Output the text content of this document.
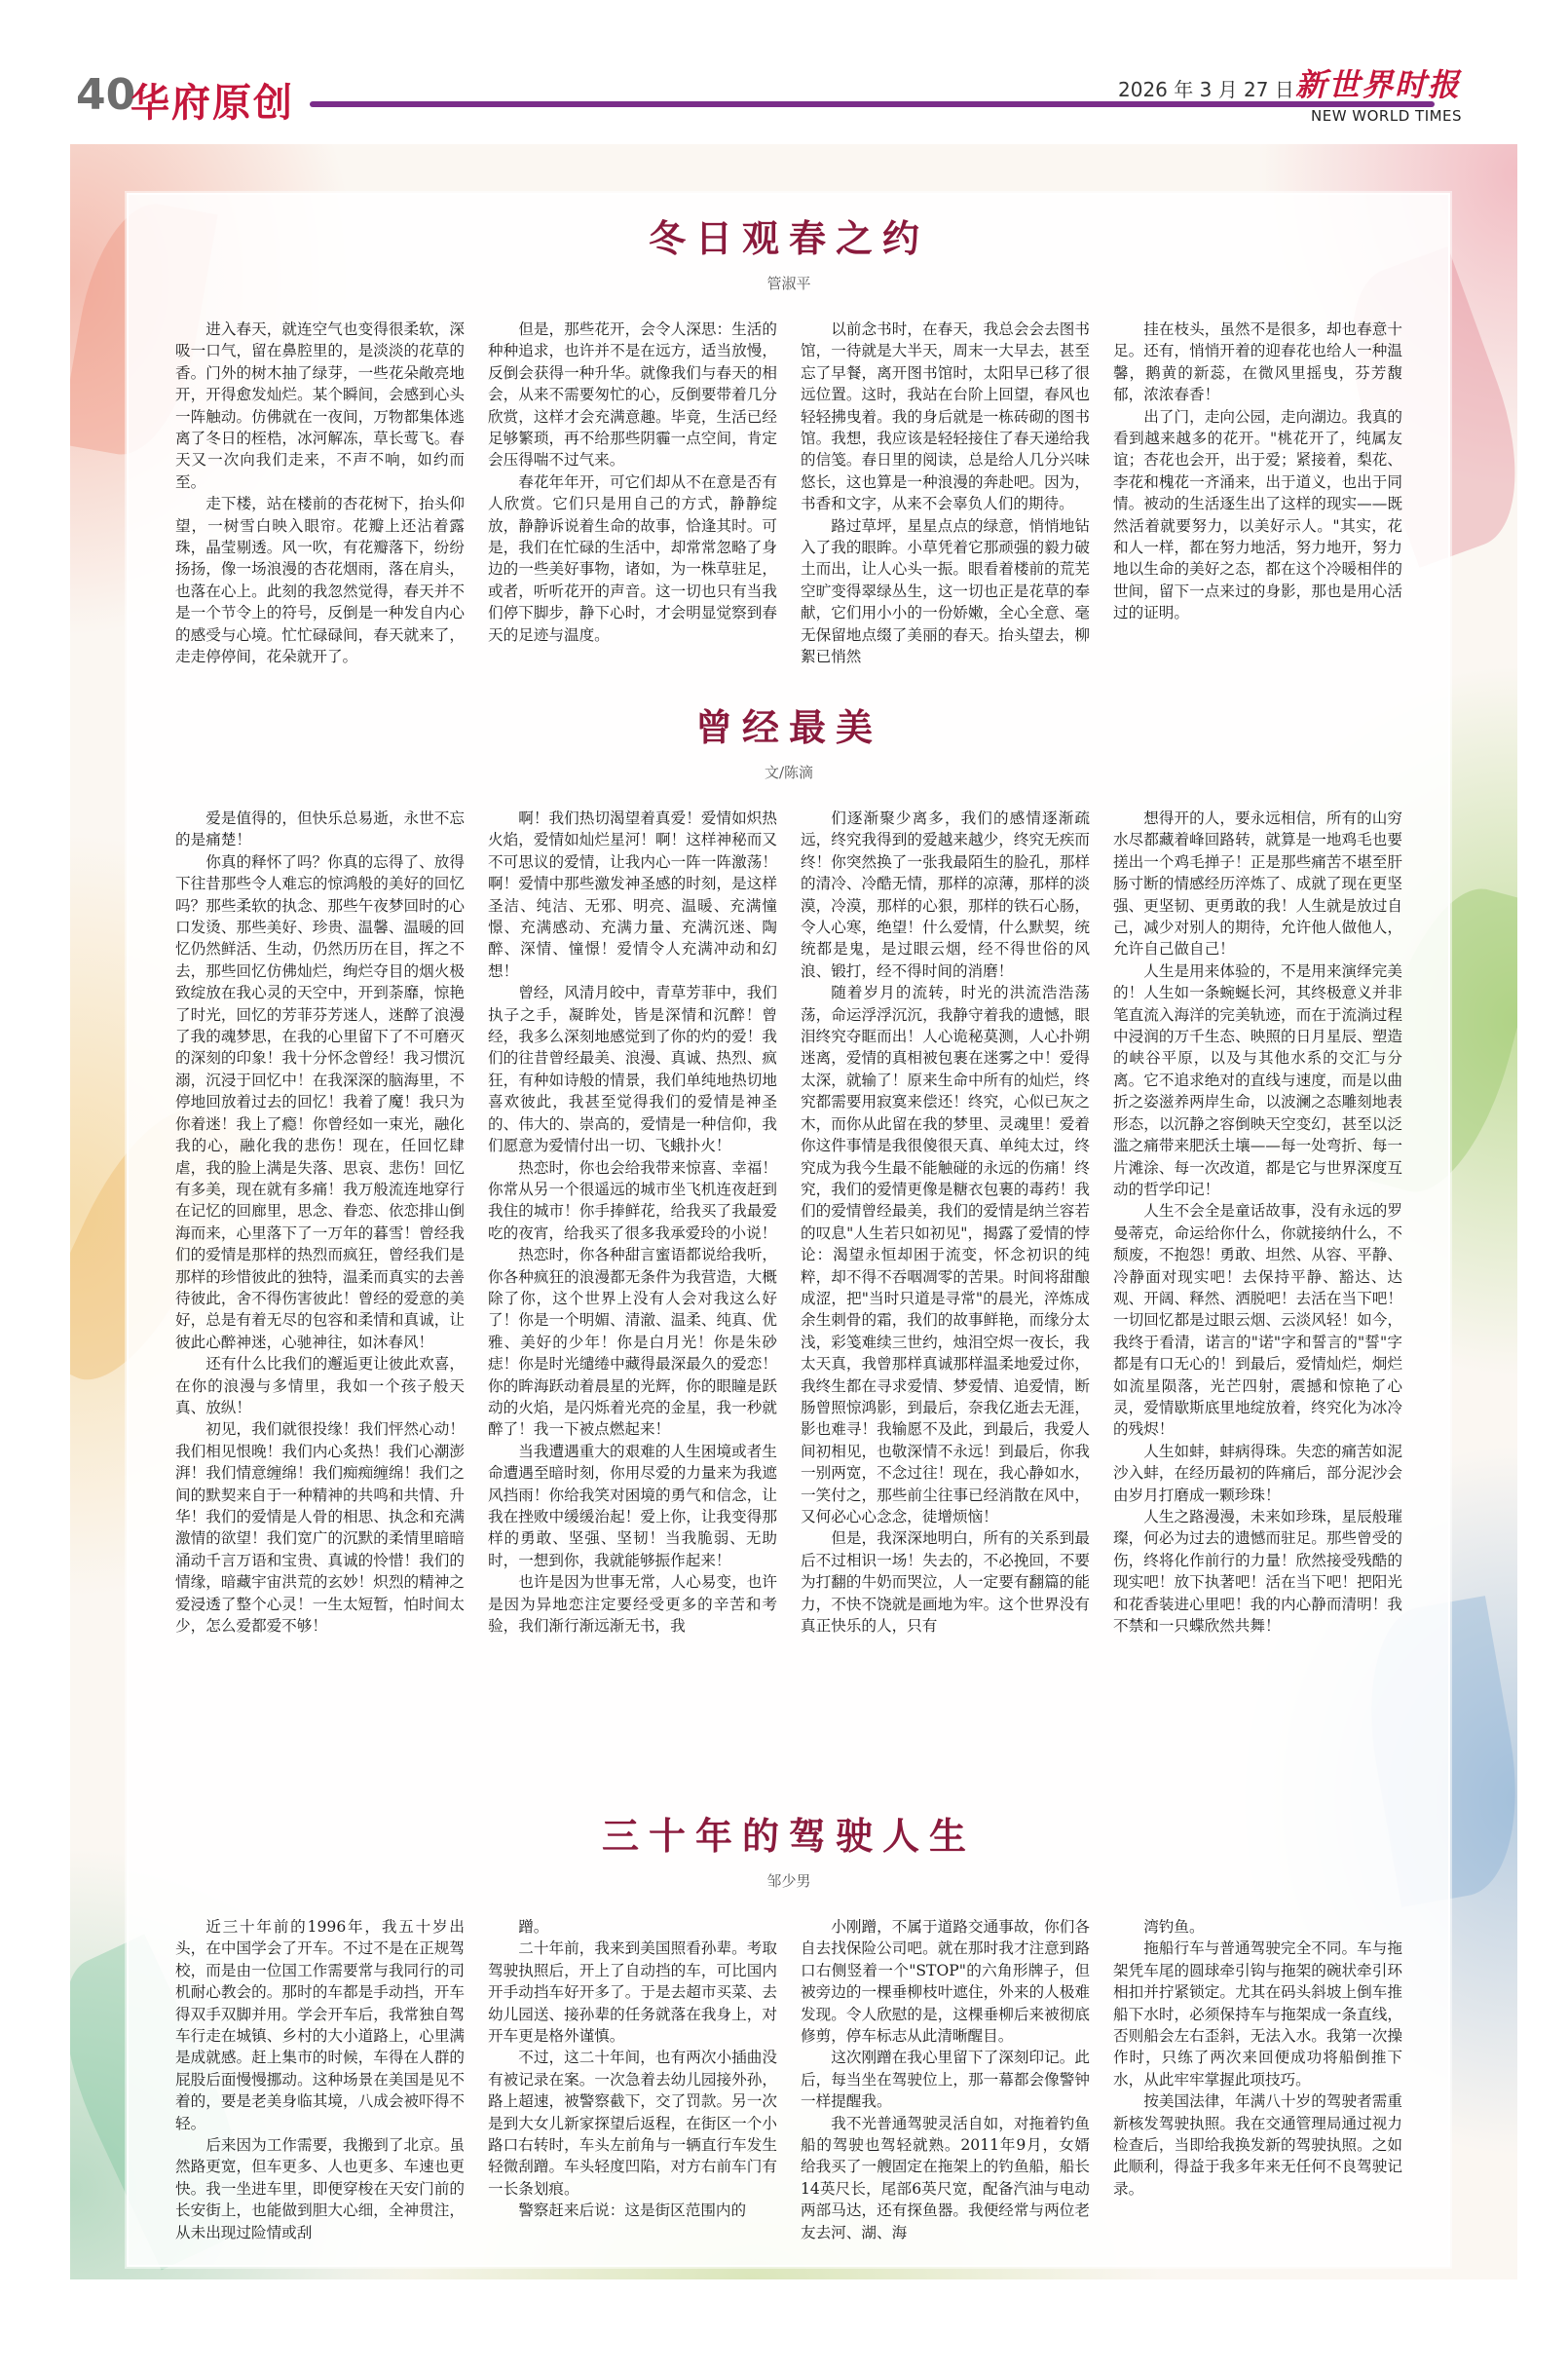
40
华府原创	2026 年 3 月 27 日 新世界时报
NEW WORLD TIMES
冬日观春之约
管淑平

进入春天，就连空气也变得很柔软，深吸一口气，留在鼻腔里的，是淡淡的花草的香。门外的树木抽了绿芽，一些花朵敞亮地开，开得愈发灿烂。某个瞬间，会感到心头一阵触动。仿佛就在一夜间，万物都集体逃离了冬日的桎梏，冰河解冻，草长莺飞。春天又一次向我们走来，不声不响，如约而至。

走下楼，站在楼前的杏花树下，抬头仰望，一树雪白映入眼帘。花瓣上还沾着露珠，晶莹剔透。风一吹，有花瓣落下，纷纷扬扬，像一场浪漫的杏花烟雨，落在肩头，也落在心上。此刻的我忽然觉得，春天并不是一个节令上的符号，反倒是一种发自内心的感受与心境。忙忙碌碌间，春天就来了，走走停停间，花朵就开了。

但是，那些花开，会令人深思：生活的种种追求，也许并不是在远方，适当放慢，反倒会获得一种升华。就像我们与春天的相会，从来不需要匆忙的心，反倒要带着几分欣赏，这样才会充满意趣。毕竟，生活已经足够繁琐，再不给那些阴霾一点空间，肯定会压得喘不过气来。

春花年年开，可它们却从不在意是否有人欣赏。它们只是用自己的方式，静静绽放，静静诉说着生命的故事，恰逢其时。可是，我们在忙碌的生活中，却常常忽略了身边的一些美好事物，诸如，为一株草驻足，或者，听听花开的声音。这一切也只有当我们停下脚步，静下心时，才会明显觉察到春天的足迹与温度。

以前念书时，在春天，我总会会去图书馆，一待就是大半天，周末一大早去，甚至忘了早餐，离开图书馆时，太阳早已移了很远位置。这时，我站在台阶上回望，春风也轻轻拂曳着。我的身后就是一栋砖砌的图书馆。我想，我应该是轻轻接住了春天递给我的信笺。春日里的阅读，总是给人几分兴味悠长，这也算是一种浪漫的奔赴吧。因为，书香和文字，从来不会辜负人们的期待。

路过草坪，星星点点的绿意，悄悄地钻入了我的眼眸。小草凭着它那顽强的毅力破土而出，让人心头一振。眼看着楼前的荒芜空旷变得翠绿丛生，这一切也正是花草的奉献，它们用小小的一份娇嫩，全心全意、毫无保留地点缀了美丽的春天。抬头望去，柳絮已悄然

挂在枝头，虽然不是很多，却也春意十足。还有，悄悄开着的迎春花也给人一种温馨，鹅黄的新蕊，在微风里摇曳，芬芳馥郁，浓浓春香！

出了门，走向公园，走向湖边。我真的看到越来越多的花开。"桃花开了，纯属友谊；杏花也会开，出于爱；紧接着，梨花、李花和槐花一齐涌来，出于道义，也出于同情。被动的生活逐生出了这样的现实——既然活着就要努力，以美好示人。"其实，花和人一样，都在努力地活，努力地开，努力地以生命的美好之态，都在这个冷暖相伴的世间，留下一点来过的身影，那也是用心活过的证明。

曾经最美
文/陈滴

爱是值得的，但快乐总易逝，永世不忘的是痛楚！

你真的释怀了吗？你真的忘得了、放得下往昔那些令人难忘的惊鸿般的美好的回忆吗？那些柔软的执念、那些午夜梦回时的心口发烫、那些美好、珍贵、温馨、温暖的回忆仍然鲜活、生动，仍然历历在目，挥之不去，那些回忆仿佛灿烂，绚烂夺目的烟火极致绽放在我心灵的天空中，开到荼靡，惊艳了时光，回忆的芳菲芬芳迷人，迷醉了浪漫了我的魂梦思，在我的心里留下了不可磨灭的深刻的印象！我十分怀念曾经！我习惯沉溺，沉浸于回忆中！在我深深的脑海里，不停地回放着过去的回忆！我着了魔！我只为你着迷！我上了瘾！你曾经如一束光，融化我的心，融化我的悲伤！现在，任回忆肆虐，我的脸上满是失落、思哀、悲伤！回忆有多美，现在就有多痛！我万般流连地穿行在记忆的回廊里，思念、眷恋、依恋排山倒海而来，心里落下了一万年的暮雪！曾经我们的爱情是那样的热烈而疯狂，曾经我们是那样的珍惜彼此的独特，温柔而真实的去善待彼此，舍不得伤害彼此！曾经的爱意的美好，总是有着无尽的包容和柔情和真诚，让彼此心醉神迷，心驰神往，如沐春风！

还有什么比我们的邂逅更让彼此欢喜，在你的浪漫与多情里，我如一个孩子般天真、放纵！

初见，我们就很投缘！我们怦然心动！我们相见恨晚！我们内心炙热！我们心潮澎湃！我们情意缠绵！我们痴痴缠绵！我们之间的默契来自于一种精神的共鸣和共情、升华！我们的爱情是人骨的相思、执念和充满激情的欲望！我们宽广的沉默的柔情里暗暗涌动千言万语和宝贵、真诚的怜惜！我们的情缘，暗藏宇宙洪荒的玄妙！炽烈的精神之爱浸透了整个心灵！一生太短暂，怕时间太少，怎么爱都爱不够！

啊！我们热切渴望着真爱！爱情如炽热火焰，爱情如灿烂星河！啊！这样神秘而又不可思议的爱情，让我内心一阵一阵激荡！啊！爱情中那些激发神圣感的时刻，是这样圣洁、纯洁、无邪、明亮、温暖、充满憧憬、充满感动、充满力量、充满沉迷、陶醉、深情、憧憬！爱情令人充满冲动和幻想！

曾经，风清月皎中，青草芳菲中，我们执子之手，凝眸处，皆是深情和沉醉！曾经，我多么深刻地感觉到了你的灼的爱！我们的往昔曾经最美、浪漫、真诚、热烈、疯狂，有种如诗般的情景，我们单纯地热切地喜欢彼此，我甚至觉得我们的爱情是神圣的、伟大的、崇高的，爱情是一种信仰，我们愿意为爱情付出一切、飞蛾扑火！

热恋时，你也会给我带来惊喜、幸福！你常从另一个很遥远的城市坐飞机连夜赶到我住的城市！你手捧鲜花，给我买了我最爱吃的夜宵，给我买了很多我承爱玲的小说！

热恋时，你各种甜言蜜语都说给我听，你各种疯狂的浪漫都无条件为我营造，大概除了你，这个世界上没有人会对我这么好了！你是一个明媚、清澈、温柔、纯真、优雅、美好的少年！你是白月光！你是朱砂痣！你是时光缱绻中藏得最深最久的爱恋！你的眸海跃动着晨星的光辉，你的眼瞳是跃动的火焰，是闪烁着光亮的金星，我一秒就醉了！我一下被点燃起来！

当我遭遇重大的艰难的人生困境或者生命遭遇至暗时刻，你用尽爱的力量来为我遮风挡雨！你给我笑对困境的勇气和信念，让我在挫败中缓缓治起！爱上你，让我变得那样的勇敢、坚强、坚韧！当我脆弱、无助时，一想到你，我就能够振作起来！

也许是因为世事无常，人心易变，也许是因为异地恋注定要经受更多的辛苦和考验，我们渐行渐远渐无书，我

们逐渐聚少离多，我们的感情逐渐疏远，终究我得到的爱越来越少，终究无疾而终！你突然换了一张我最陌生的脸孔，那样的清冷、冷酷无情，那样的凉薄，那样的淡漠，冷漠，那样的心狠，那样的铁石心肠，令人心寒，绝望！什么爱情，什么默契，统统都是鬼，是过眼云烟，经不得世俗的风浪、锻打，经不得时间的消磨！

随着岁月的流转，时光的洪流浩浩荡荡，命运浮浮沉沉，我静守着我的遗憾，眼泪终究夺眶而出！人心诡秘莫测，人心扑朔迷离，爱情的真相被包裹在迷雾之中！爱得太深，就输了！原来生命中所有的灿烂，终究都需要用寂寞来偿还！终究，心似已灰之木，而你从此留在我的梦里、灵魂里！爱着你这件事情是我很傻很天真、单纯太过，终究成为我今生最不能触碰的永远的伤痛！终究，我们的爱情更像是糖衣包裹的毒药！我们的爱情曾经最美，我们的爱情是纳兰容若的叹息"人生若只如初见"，揭露了爱情的悖论：渴望永恒却困于流变，怀念初识的纯粹，却不得不吞咽凋零的苦果。时间将甜酿成涩，把"当时只道是寻常"的晨光，淬炼成余生刺骨的霜，我们的故事鲜艳，而缘分太浅，彩笺难续三世约，烛泪空烬一夜长，我太天真，我曾那样真诚那样温柔地爱过你，我终生都在寻求爱情、梦爱情、追爱情，断肠曾照惊鸿影，到最后，奈我亿逝去无涯，影也难寻！我输愿不及此，到最后，我爱人间初相见，也敬深情不永远！到最后，你我一别两宽，不念过往！现在，我心静如水，一笑付之，那些前尘往事已经消散在风中，又何必心心念念，徒增烦恼！

但是，我深深地明白，所有的关系到最后不过相识一场！失去的，不必挽回，不要为打翻的牛奶而哭泣，人一定要有翻篇的能力，不快不饶就是画地为牢。这个世界没有真正快乐的人，只有

想得开的人，要永远相信，所有的山穷水尽都藏着峰回路转，就算是一地鸡毛也要搓出一个鸡毛掸子！正是那些痛苦不堪至肝肠寸断的情感经历淬炼了、成就了现在更坚强、更坚韧、更勇敢的我！人生就是放过自己，减少对别人的期待，允许他人做他人，允许自己做自己！

人生是用来体验的，不是用来演绎完美的！人生如一条蜿蜒长河，其终极意义并非笔直流入海洋的完美轨迹，而在于流淌过程中浸润的万千生态、映照的日月星辰、塑造的峡谷平原，以及与其他水系的交汇与分离。它不追求绝对的直线与速度，而是以曲折之姿滋养两岸生命，以波澜之态雕刻地表形态，以沉静之容倒映天空变幻，甚至以泛滥之痛带来肥沃土壤——每一处弯折、每一片滩涂、每一次改道，都是它与世界深度互动的哲学印记！

人生不会全是童话故事，没有永远的罗曼蒂克，命运给你什么，你就接纳什么，不颓废，不抱怨！勇敢、坦然、从容、平静、冷静面对现实吧！去保持平静、豁达、达观、开阔、释然、洒脱吧！去活在当下吧！一切回忆都是过眼云烟、云淡风轻！如今，我终于看清，诺言的"诺"字和誓言的"誓"字都是有口无心的！到最后，爱情灿烂，炯烂如流星陨落，光芒四射，震撼和惊艳了心灵，爱情歇斯底里地绽放着，终究化为冰冷的残烬！

人生如蚌，蚌病得珠。失恋的痛苦如泥沙入蚌，在经历最初的阵痛后，部分泥沙会由岁月打磨成一颗珍珠！

人生之路漫漫，未来如珍珠，星辰般璀璨，何必为过去的遗憾而驻足。那些曾受的伤，终将化作前行的力量！欣然接受残酷的现实吧！放下执著吧！活在当下吧！把阳光和花香装进心里吧！我的内心静而清明！我不禁和一只蝶欣然共舞！

三十年的驾驶人生
邹少男

近三十年前的1996年，我五十岁出头，在中国学会了开车。不过不是在正规驾校，而是由一位国工作需要常与我同行的司机耐心教会的。那时的车都是手动挡，开车得双手双脚并用。学会开车后，我常独自驾车行走在城镇、乡村的大小道路上，心里满是成就感。赶上集市的时候，车得在人群的屁股后面慢慢挪动。这种场景在美国是见不着的，要是老美身临其境，八成会被吓得不轻。

后来因为工作需要，我搬到了北京。虽然路更宽，但车更多、人也更多、车速也更快。我一坐进车里，即便穿梭在天安门前的长安街上，也能做到胆大心细，全神贯注，从未出现过险情或刮

蹭。

二十年前，我来到美国照看孙辈。考取驾驶执照后，开上了自动挡的车，可比国内开手动挡车好开多了。于是去超市买菜、去幼儿园送、接孙辈的任务就落在我身上，对开车更是格外谨慎。

不过，这二十年间，也有两次小插曲没有被记录在案。一次急着去幼儿园接外孙，路上超速，被警察截下，交了罚款。另一次是到大女儿新家探望后返程，在街区一个小路口右转时，车头左前角与一辆直行车发生轻微刮蹭。车头轻度凹陷，对方右前车门有一长条划痕。

警察赶来后说：这是街区范围内的

小刚蹭，不属于道路交通事故，你们各自去找保险公司吧。就在那时我才注意到路口右侧竖着一个"STOP"的六角形牌子，但被旁边的一棵垂柳枝叶遮住，外来的人极难发现。令人欣慰的是，这棵垂柳后来被彻底修剪，停车标志从此清晰醒目。

这次刚蹭在我心里留下了深刻印记。此后，每当坐在驾驶位上，那一幕都会像警钟一样提醒我。

我不光普通驾驶灵活自如，对拖着钓鱼船的驾驶也驾轻就熟。2011年9月，女婿给我买了一艘固定在拖架上的钓鱼船，船长14英尺长，尾部6英尺宽，配备汽油与电动两部马达，还有探鱼器。我便经常与两位老友去河、湖、海

湾钓鱼。

拖船行车与普通驾驶完全不同。车与拖架凭车尾的圆球牵引钩与拖架的碗状牵引环相扣并拧紧锁定。尤其在码头斜坡上倒车推船下水时，必须保持车与拖架成一条直线，否则船会左右歪斜，无法入水。我第一次操作时，只练了两次来回便成功将船倒推下水，从此牢牢掌握此项技巧。

按美国法律，年满八十岁的驾驶者需重新核发驾驶执照。我在交通管理局通过视力检查后，当即给我换发新的驾驶执照。之如此顺利，得益于我多年来无任何不良驾驶记录。
